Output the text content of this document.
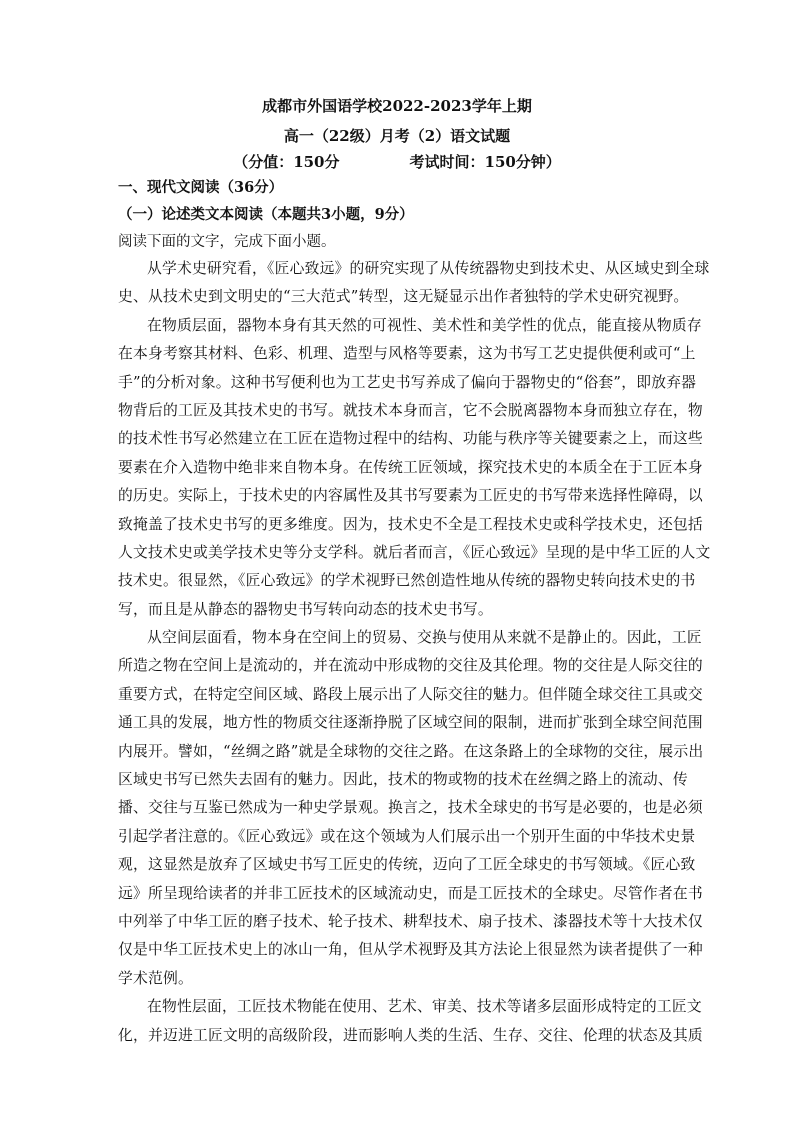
成都市外国语学校2022-2023学年上期
高一（22级）月考（2）语文试题
（分值：150分	考试时间：150分钟）
一、现代文阅读（36分）
（一）论述类文本阅读（本题共3小题，9分）
阅读下面的文字，完成下面小题。
从学术史研究看，《匠心致远》的研究实现了从传统器物史到技术史、从区域史到全球
史、从技术史到文明史的“三大范式”转型，这无疑显示出作者独特的学术史研究视野。
在物质层面，器物本身有其天然的可视性、美术性和美学性的优点，能直接从物质存
在本身考察其材料、色彩、机理、造型与风格等要素，这为书写工艺史提供便利或可“上
手”的分析对象。这种书写便利也为工艺史书写养成了偏向于器物史的“俗套”，即放弃器
物背后的工匠及其技术史的书写。就技术本身而言，它不会脱离器物本身而独立存在，物
的技术性书写必然建立在工匠在造物过程中的结构、功能与秩序等关键要素之上，而这些
要素在介入造物中绝非来自物本身。在传统工匠领域，探究技术史的本质全在于工匠本身
的历史。实际上，于技术史的内容属性及其书写要素为工匠史的书写带来选择性障碍，以
致掩盖了技术史书写的更多维度。因为，技术史不全是工程技术史或科学技术史，还包括
人文技术史或美学技术史等分支学科。就后者而言，《匠心致远》呈现的是中华工匠的人文
技术史。很显然，《匠心致远》的学术视野已然创造性地从传统的器物史转向技术史的书
写，而且是从静态的器物史书写转向动态的技术史书写。
从空间层面看，物本身在空间上的贸易、交换与使用从来就不是静止的。因此，工匠
所造之物在空间上是流动的，并在流动中形成物的交往及其伦理。物的交往是人际交往的
重要方式，在特定空间区域、路段上展示出了人际交往的魅力。但伴随全球交往工具或交
通工具的发展，地方性的物质交往逐渐挣脱了区域空间的限制，进而扩张到全球空间范围
内展开。譬如，“丝绸之路”就是全球物的交往之路。在这条路上的全球物的交往，展示出
区域史书写已然失去固有的魅力。因此，技术的物或物的技术在丝绸之路上的流动、传
播、交往与互鉴已然成为一种史学景观。换言之，技术全球史的书写是必要的，也是必须
引起学者注意的。《匠心致远》或在这个领域为人们展示出一个别开生面的中华技术史景
观，这显然是放弃了区域史书写工匠史的传统，迈向了工匠全球史的书写领域。《匠心致
远》所呈现给读者的并非工匠技术的区域流动史，而是工匠技术的全球史。尽管作者在书
中列举了中华工匠的磨子技术、轮子技术、耕犁技术、扇子技术、漆器技术等十大技术仅
仅是中华工匠技术史上的冰山一角，但从学术视野及其方法论上很显然为读者提供了一种
学术范例。
在物性层面，工匠技术物能在使用、艺术、审美、技术等诸多层面形成特定的工匠文
化，并迈进工匠文明的高级阶段，进而影响人类的生活、生存、交往、伦理的状态及其质
